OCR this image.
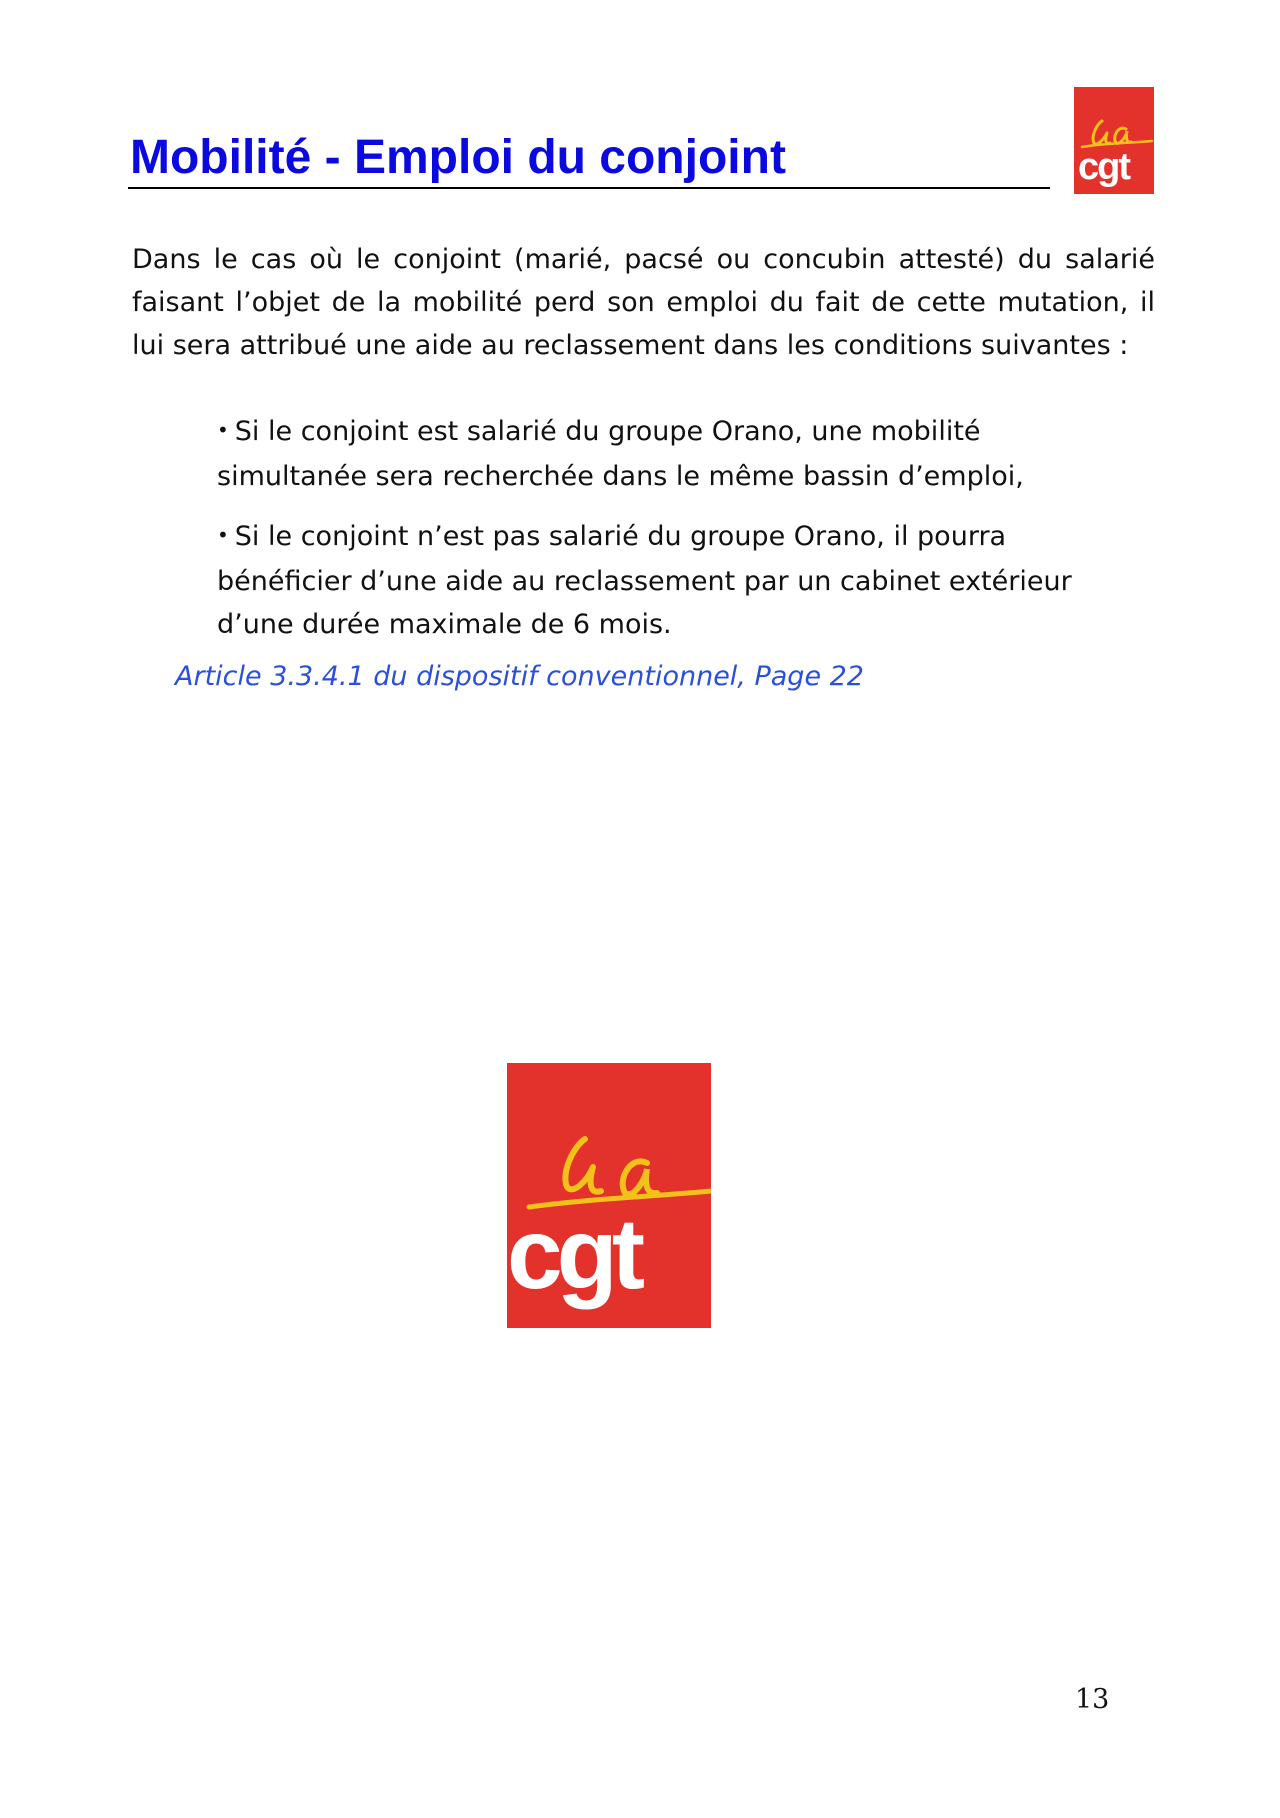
Mobilité - Emploi du conjoint	cgt

Dans le cas où le conjoint (marié, pacsé ou concubin attesté) du salarié faisant l’objet de la mobilité perd son emploi du fait de cette mutation, il lui sera attribué une aide au reclassement dans les conditions suivantes :

• Si le conjoint est salarié du groupe Orano, une mobilité
simultanée sera recherchée dans le même bassin d’emploi,
• Si le conjoint n’est pas salarié du groupe Orano, il pourra
bénéficier d’une aide au reclassement par un cabinet extérieur
d’une durée maximale de 6 mois.

Article 3.3.4.1 du dispositif conventionnel, Page 22

cgt

13
